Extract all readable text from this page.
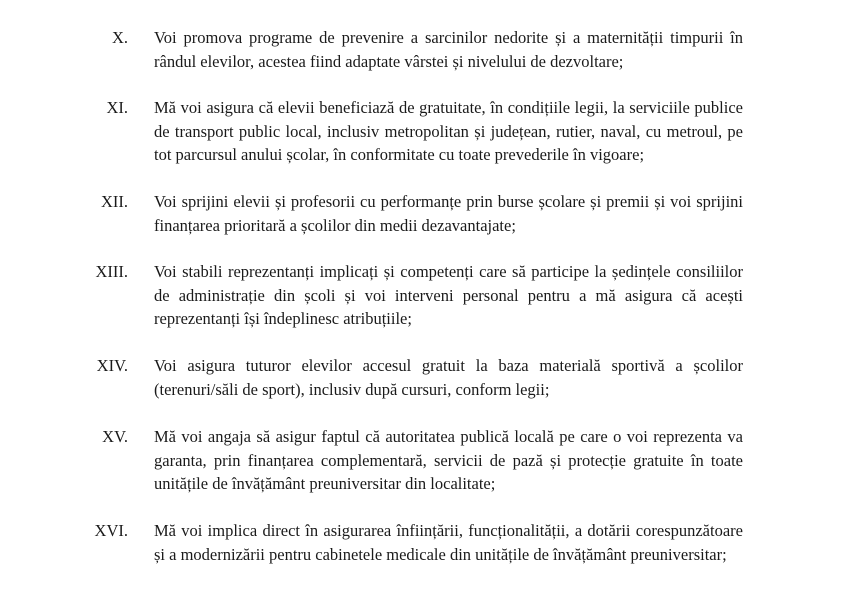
X. Voi promova programe de prevenire a sarcinilor nedorite și a maternității timpurii în rândul elevilor, acestea fiind adaptate vârstei și nivelului de dezvoltare;
XI. Mă voi asigura că elevii beneficiază de gratuitate, în condițiile legii, la serviciile publice de transport public local, inclusiv metropolitan și județean, rutier, naval, cu metroul, pe tot parcursul anului școlar, în conformitate cu toate prevederile în vigoare;
XII. Voi sprijini elevii și profesorii cu performanțe prin burse școlare și premii și voi sprijini finanțarea prioritară a școlilor din medii dezavantajate;
XIII. Voi stabili reprezentanți implicați și competenți care să participe la ședințele consiliilor de administrație din școli și voi interveni personal pentru a mă asigura că acești reprezentanți își îndeplinesc atribuțiile;
XIV. Voi asigura tuturor elevilor accesul gratuit la baza materială sportivă a școlilor (terenuri/săli de sport), inclusiv după cursuri, conform legii;
XV. Mă voi angaja să asigur faptul că autoritatea publică locală pe care o voi reprezenta va garanta, prin finanțarea complementară, servicii de pază și protecție gratuite în toate unitățile de învățământ preuniversitar din localitate;
XVI. Mă voi implica direct în asigurarea înființării, funcționalității, a dotării corespunzătoare și a modernizării pentru cabinetele medicale din unitățile de învățământ preuniversitar;
